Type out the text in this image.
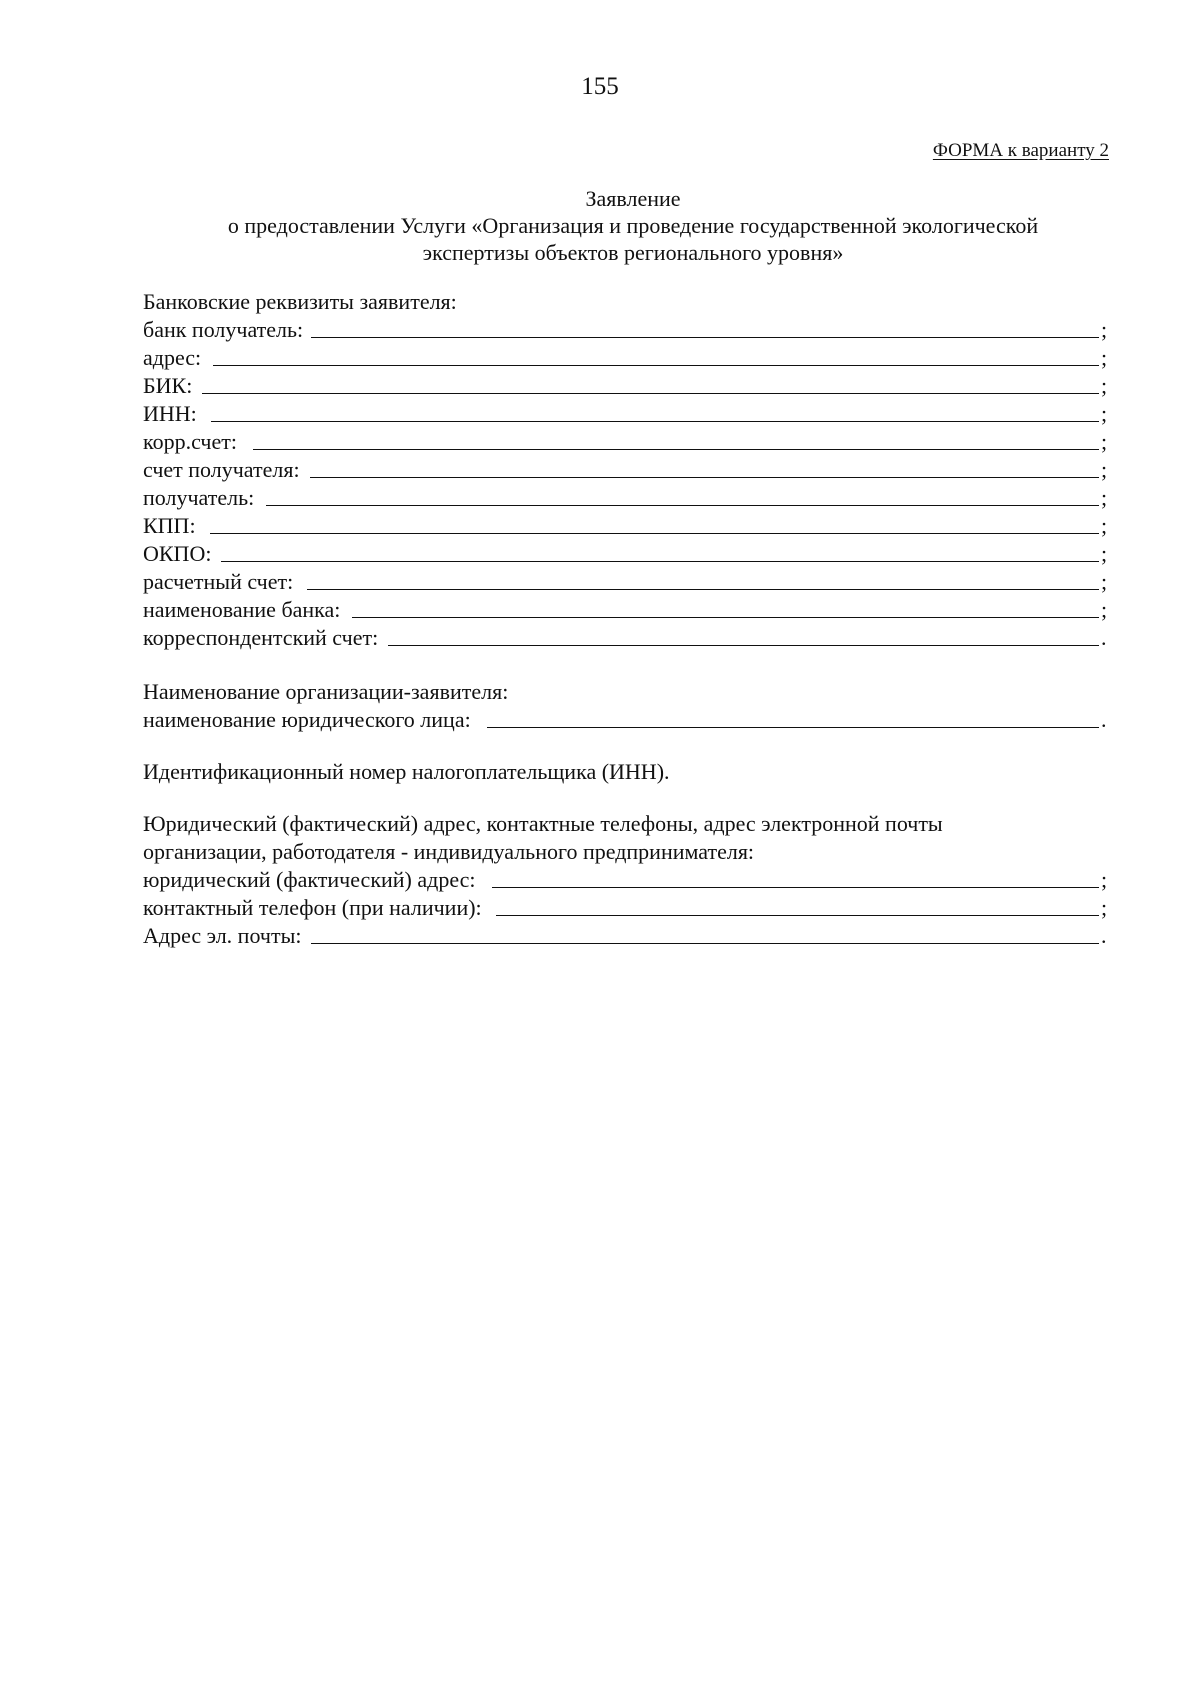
155
ФОРМА к варианту 2
Заявление
о предоставлении Услуги «Организация и проведение государственной экологической
экспертизы объектов регионального уровня»
Банковские реквизиты заявителя:
банк получатель:	;
адрес:	;
БИК:	;
ИНН:	;
корр.счет:	;
счет получателя:	;
получатель:	;
КПП:	;
ОКПО:	;
расчетный счет:	;
наименование банка:	;
корреспондентский счет:	.
Наименование организации-заявителя:
наименование юридического лица:	.
Идентификационный номер налогоплательщика (ИНН).
Юридический (фактический) адрес, контактные телефоны, адрес электронной почты
организации, работодателя - индивидуального предпринимателя:
юридический (фактический) адрес:	;
контактный телефон (при наличии):	;
Адрес эл. почты:	.
